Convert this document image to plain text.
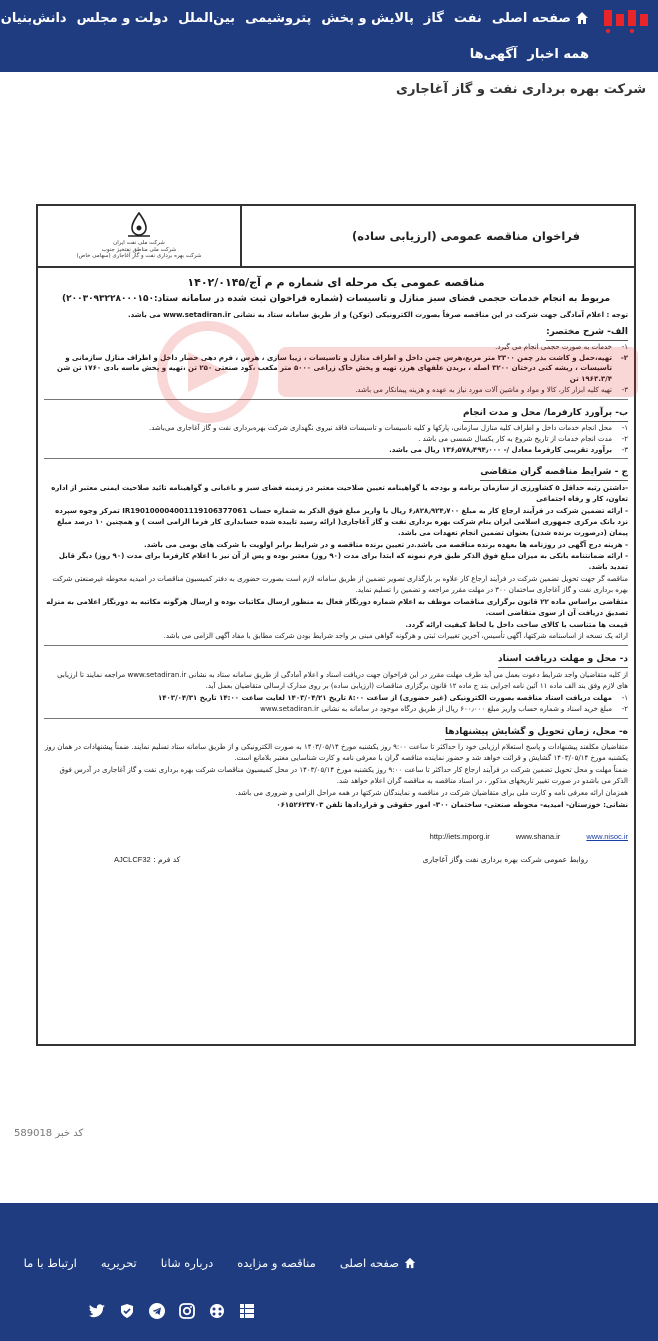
صفحه اصلی
نفت
گاز
پالایش و پخش
پتروشیمی
بین‌الملل
دولت و مجلس
دانش‌بنیان
همه اخبار
آگهی‌ها
شرکت بهره برداری نفت و گاز آغاجاری
فراخوان مناقصه عمومی (ارزیابی ساده)
شرکت ملی نفت ایران
شرکت ملی مناطق نفتخیز جنوب
شرکت بهره برداری نفت و گاز آغاجاری (سهامی خاص)
مناقصه عمومی یک مرحله ای شماره م م آج/۱۴۰۲/۰۱۴۵
مربوط به انجام خدمات حجمی فضای سبز منازل و تاسیسات (شماره فراخوان ثبت شده در سامانه ستاد:۲۰۰۳۰۹۳۲۲۸۰۰۰۱۵۰)
توجه : اعلام آمادگی جهت شرکت در این مناقصه صرفاً بصورت الکترونیکی (توکن) و از طریق سامانه ستاد به نشانی www.setadiran.ir می باشد.
الف- شرح مختصر:
۱-
خدمات به صورت حجمی انجام می گیرد.
۲-
تهیه،حمل و کاشت بذر چمن ۳۳۰۰ متر مربع،هرس چمن داخل و اطراف منازل و تاسیسات ، زیبا سازی ، هرس ، فرم دهی حصار داخل و اطراف منازل سازمانی و تاسیسات ، ریشه کنی درختان ۳۲۰۰ اصله ، بریدن علفهای هرز، تهیه و پخش خاک زراعی ۵۰۰۰ متر مکعب ،کود صنعتی ۲۵۰ تن ،تهیه و پخش ماسه بادی ۱۷۶۰ تن شن ۱۹۶۳.۳/۴ تن
۳-
تهیه کلیه ابزار کار، کالا و مواد و ماشین آلات مورد نیاز به عهده و هزینه پیمانکار می باشد.
ب- برآورد کارفرما/ محل و مدت انجام
۱-
محل انجام خدمات داخل و اطراف کلیه منازل سازمانی، پارکها و کلیه تاسیسات و تاسیسات فاقد نیروی نگهداری شرکت بهره‌برداری نفت و گاز آغاجاری می‌باشد.
۲-
مدت انجام خدمات از تاریخ شروع به کار یکسال شمسی می باشد .
۳-
برآورد تقریبی کارفرما معادل /- ۱۳۶٫۵۷۸٫۴۹۴٫۰۰۰ ریال می باشد.
ج - شرایط مناقصه گران متقاضی
-داشتن رتبه حداقل ۵ کشاورزی از سازمان برنامه و بودجه یا گواهینامه تعیین صلاحیت معتبر در زمینه فضای سبز و باغبانی و گواهینامه تائید صلاحیت ایمنی معتبر از اداره تعاون، کار و رفاه اجتماعی
- ارائه تضمین شرکت در فرآیند ارجاع کار به مبلغ ۶٫۸۲۸٫۹۲۴٫۷۰۰ ریال یا واریز مبلغ فوق الذکر به شماره حساب IR190100004001119106377061 تمرکز وجوه سپرده نزد بانک مرکزی جمهوری اسلامی ایران بنام شرکت بهره برداری نفت و گاز آغاجاری( ارائه رسید تاییده شده حسابداری کار فرما الزامی است ) و همچنین ۱۰ درصد مبلغ پیمان (درصورت برنده شدن) بعنوان تضمین انجام تعهدات می باشد.
- هزینه درج آگهی در روزنامه ها بعهده برنده مناقصه می باشد.در تعیین برنده مناقصه و در شرایط برابر اولویت با شرکت های بومی می باشد.
- ارائه ضمانتنامه بانکی به میزان مبلغ فوق الذکر طبق فرم نمونه که ابتدا برای مدت (۹۰ روز) معتبر بوده و پس از آن نیز با اعلام کارفرما برای مدت (۹۰ روز) دیگر قابل تمدید باشد.
مناقصه گر جهت تحویل تضمین شرکت در فرآیند ارجاع کار علاوه بر بارگذاری تصویر تضمین از طریق سامانه لازم است بصورت حضوری به دفتر کمیسیون مناقصات در امیدیه محوطه غیرصنعتی شرکت بهره برداری نفت و گاز آغاجاری ساختمان ۳۰۰ در مهلت مقرر مراجعه و تضمین را تسلیم نماید.
متقاضی براساس ماده ۲۲ قانون برگزاری مناقصات موظف به اعلام شماره دورنگار فعال به منظور ارسال مکاتبات بوده و ارسال هرگونه مکاتبه به دورنگار اعلامی به منزله تصدیق دریافت آن از سوی متقاضی است.
قیمت ها متناسب با کالای ساخت داخل با لحاظ کیفیت ارائه گردد.
ارائه یک نسخه از اساسنامه شرکتها، آگهی تأسیس، آخرین تغییرات ثبتی و هرگونه گواهی مبنی بر واجد شرایط بودن شرکت مطابق با مفاد آگهی الزامی می باشد.
د- محل و مهلت دریافت اسناد
از کلیه متقاضیان واجد شرایط دعوت بعمل می آید طرف مهلت مقرر در این فراخوان جهت دریافت اسناد و اعلام آمادگی از طریق سامانه ستاد به نشانی www.setadiran.ir مراجعه نمایند تا ارزیابی های لازم وفق بند الف ماده ۱۱ آئین نامه اجرایی بند ج ماده ۱۲ قانون برگزاری مناقصات (ارزیابی ساده) بر روی مدارک ارسالی متقاضیان بعمل آید.
۱-
مهلت دریافت اسناد مناقصه بصورت الکترونیکی (غیر حضوری) از ساعت ۸:۰۰ تاریخ ۱۴۰۳/۰۴/۲۱ لغایت ساعت ۱۴:۰۰ تاریخ ۱۴۰۳/۰۴/۳۱
۲-
مبلغ خرید اسناد و شماره حساب واریز مبلغ ۶۰۰٫۰۰۰ ریال از طریق درگاه موجود در سامانه به نشانی www.setadiran.ir
ه- محل، زمان تحویل و گشایش پیشنهادها
متقاضیان مکلفند پیشنهادات و پاسخ استعلام ارزیابی خود را حداکثر تا ساعت ۹:۰۰ روز یکشنبه مورخ ۱۴۰۳/۰۵/۱۴ به صورت الکترونیکی و از طریق سامانه ستاد تسلیم نمایند. ضمناً پیشنهادات در همان روز یکشنبه مورخ ۱۴۰۳/۰۵/۱۴ گشایش و قرائت خواهد شد و حضور نماینده مناقصه گران با معرفی نامه و کارت شناسایی معتبر بلامانع است.
ضمناً مهلت و محل تحویل تضمین شرکت در فرآیند ارجاع کار حداکثر تا ساعت ۹:۰۰ روز یکشنبه مورخ ۱۴۰۳/۰۵/۱۴ در محل کمیسیون مناقصات شرکت بهره برداری نفت و گاز آغاجاری در آدرس فوق الذکر می باشدو در صورت تغییر تاریخهای مذکور ، در اسناد مناقصه به مناقصه گران اعلام خواهد شد.
همزمان ارائه معرفی نامه و کارت ملی برای متقاضیان شرکت در مناقصه و نمایندگان شرکتها در همه مراحل الزامی و ضروری می باشد.
نشانی: خوزستان- امیدیه- محوطه صنعتی- ساختمان ۳۰۰- امور حقوقی و قراردادها تلفن ۰۶۱۵۲۶۲۳۷۰۳
http://iets.mporg.ir	www.shana.ir	www.nisoc.ir
روابط عمومی شرکت بهره برداری نفت وگاز آغاجاری
کد فرم : AJCLCF32
کد خبر 589018
صفحه اصلی
مناقصه و مزایده
درباره شانا
تحریریه
ارتباط با ما
